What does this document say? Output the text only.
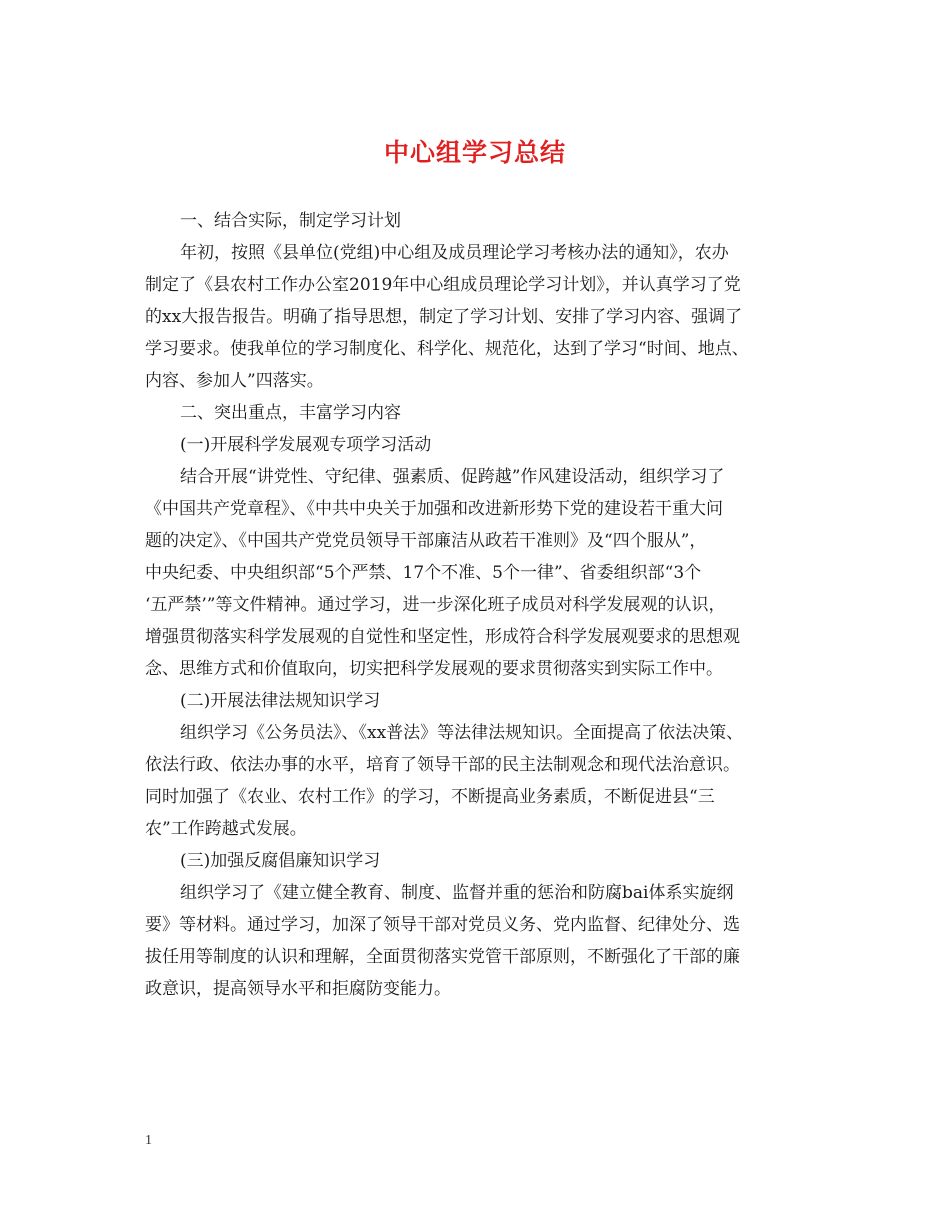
中心组学习总结
一、结合实际，制定学习计划
年初，按照《县单位(党组)中心组及成员理论学习考核办法的通知》，农办
制定了《县农村工作办公室2019年中心组成员理论学习计划》，并认真学习了党
的xx大报告报告。明确了指导思想，制定了学习计划、安排了学习内容、强调了
学习要求。使我单位的学习制度化、科学化、规范化，达到了学习“时间、地点、
内容、参加人”四落实。
二、突出重点，丰富学习内容
(一)开展科学发展观专项学习活动
结合开展“讲党性、守纪律、强素质、促跨越”作风建设活动，组织学习了
《中国共产党章程》、《中共中央关于加强和改进新形势下党的建设若干重大问
题的决定》、《中国共产党党员领导干部廉洁从政若干准则》及“四个服从”，
中央纪委、中央组织部“5个严禁、17个不准、5个一律”、省委组织部“3个
‘五严禁’”等文件精神。通过学习，进一步深化班子成员对科学发展观的认识，
增强贯彻落实科学发展观的自觉性和坚定性，形成符合科学发展观要求的思想观
念、思维方式和价值取向，切实把科学发展观的要求贯彻落实到实际工作中。
(二)开展法律法规知识学习
组织学习《公务员法》、《xx普法》等法律法规知识。全面提高了依法决策、
依法行政、依法办事的水平，培育了领导干部的民主法制观念和现代法治意识。
同时加强了《农业、农村工作》的学习，不断提高业务素质，不断促进县“三
农”工作跨越式发展。
(三)加强反腐倡廉知识学习
组织学习了《建立健全教育、制度、监督并重的惩治和防腐bai体系实旋纲
要》等材料。通过学习，加深了领导干部对党员义务、党内监督、纪律处分、选
拔任用等制度的认识和理解，全面贯彻落实党管干部原则，不断强化了干部的廉
政意识，提高领导水平和拒腐防变能力。
1
